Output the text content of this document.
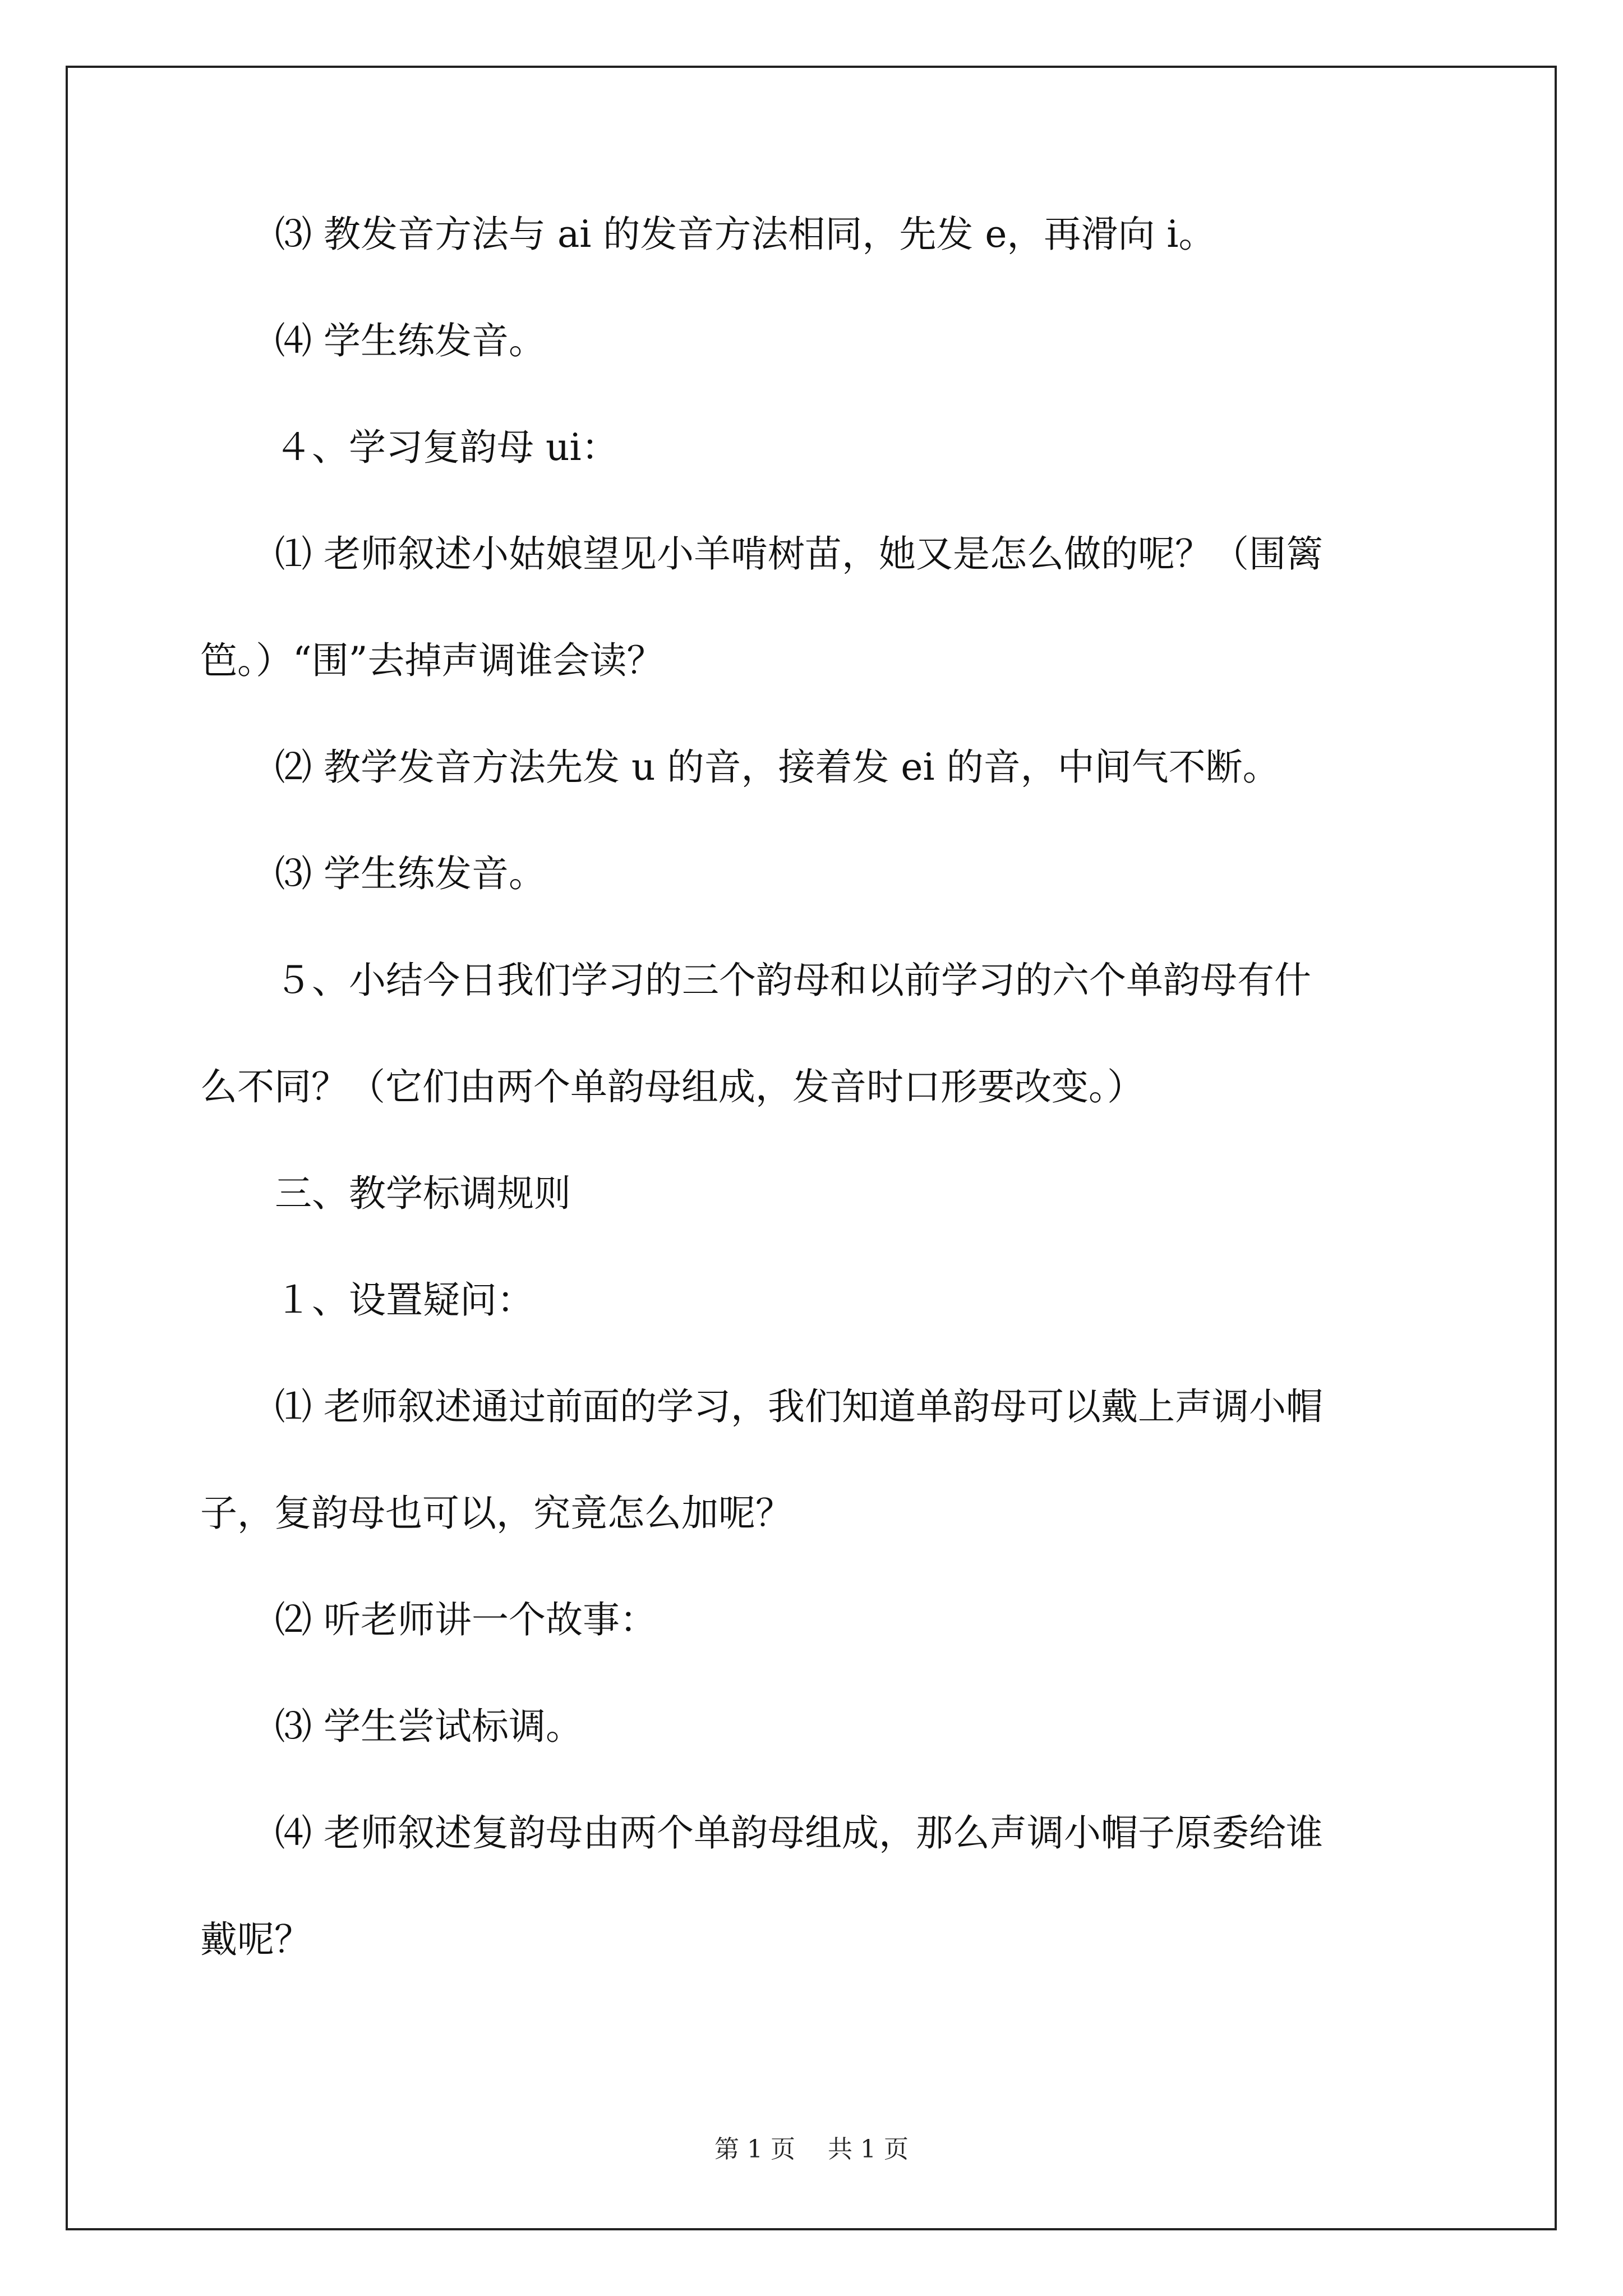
⑶ 教发音方法与 ai 的发音方法相同，先发 e，再滑向 i。

⑷ 学生练发音。

４、学习复韵母 ui：

⑴ 老师叙述小姑娘望见小羊啃树苗，她又是怎么做的呢？（围篱

笆。）“围”去掉声调谁会读？

⑵ 教学发音方法先发 u 的音，接着发 ei 的音，中间气不断。

⑶ 学生练发音。

５、小结今日我们学习的三个韵母和以前学习的六个单韵母有什

么不同？（它们由两个单韵母组成，发音时口形要改变。）

三、教学标调规则

１、设置疑问：

⑴ 老师叙述通过前面的学习，我们知道单韵母可以戴上声调小帽

子，复韵母也可以，究竟怎么加呢？

⑵ 听老师讲一个故事：

⑶ 学生尝试标调。

⑷ 老师叙述复韵母由两个单韵母组成，那么声调小帽子原委给谁

戴呢？

第 1 页　 共 1 页
